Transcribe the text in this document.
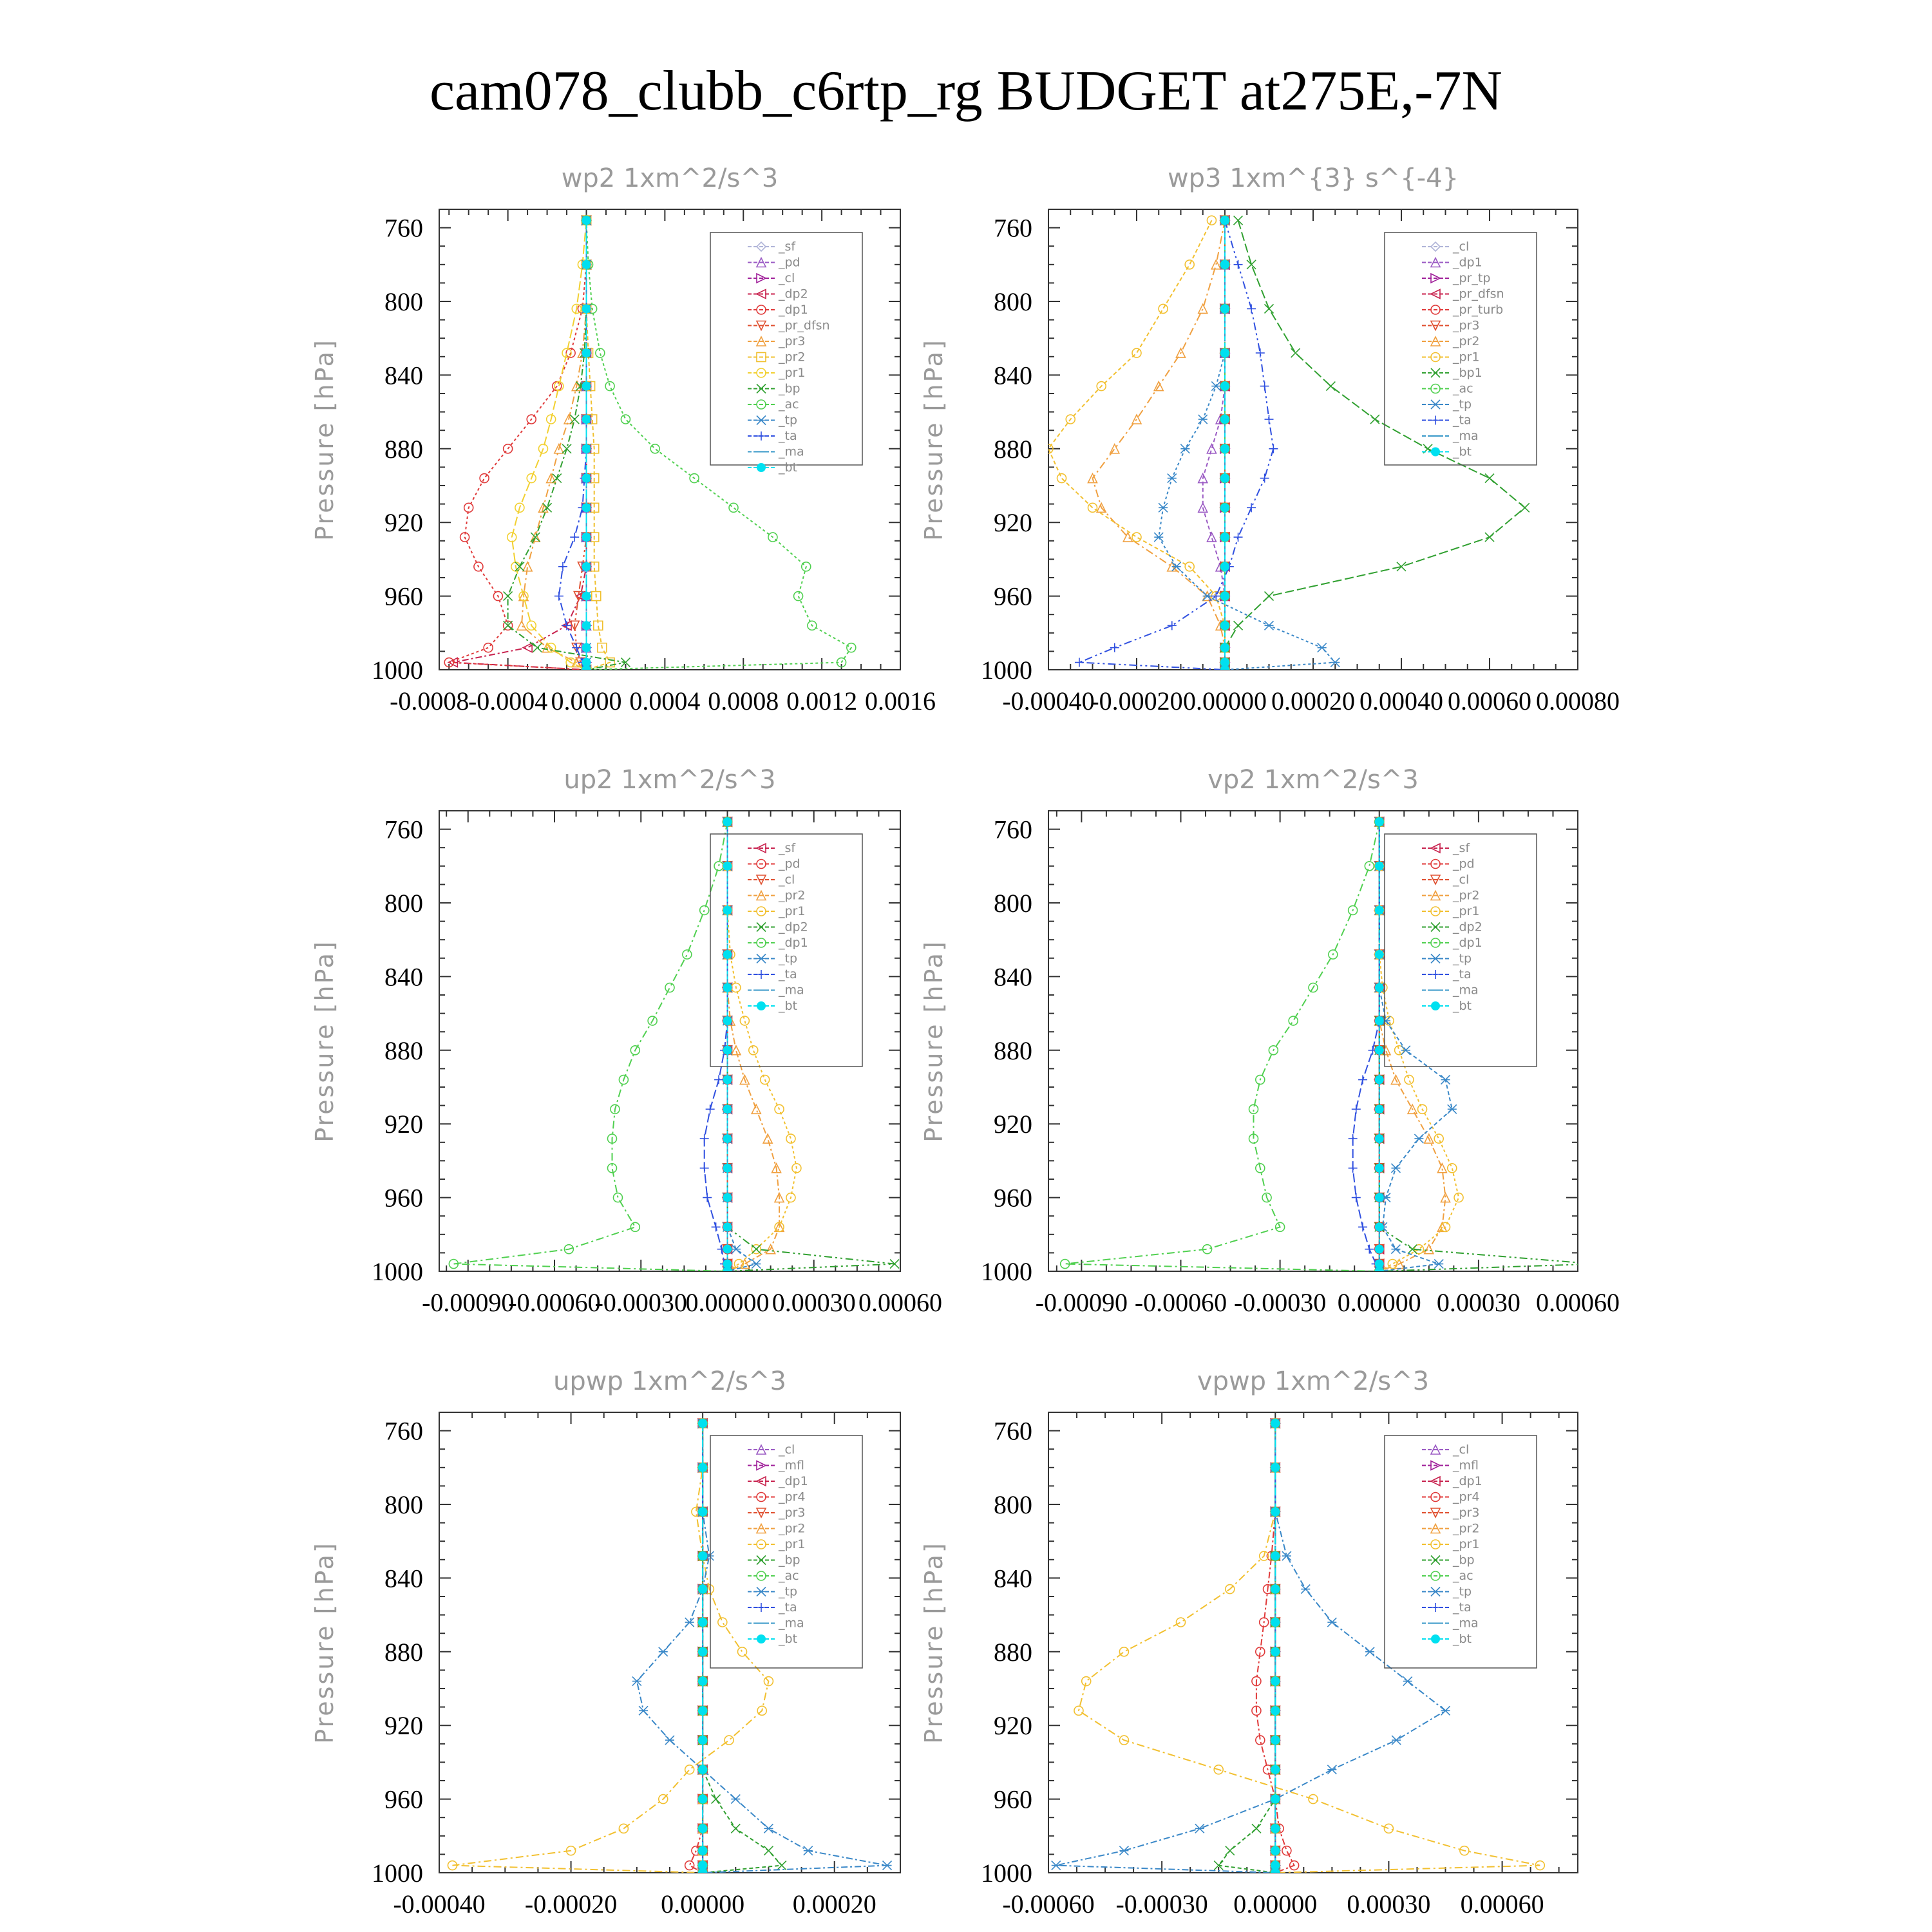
cam078_clubb_c6rtp_rg BUDGET at275E,-7N
wp2 1xm^2/s^3
Pressure [hPa]
760
800
840
880
920
960
1000
-0.0008
-0.0004 0.0000 0.0004 0.0008 0.0012 0.0016
_sf
_pd
_cl
_dp2
_dp1
_pr_dfsn
_pr3
_pr2
_pr1
_bp
_ac
_tp
_ta
_ma
_bt
wp3 1xm^{3} s^{-4}
Pressure [hPa]
760
800
840
880
920
960
1000
-0.00040
-0.00020 0.00000 0.00020 0.00040 0.00060 0.00080
_cl
_dp1
_pr_tp
_pr_dfsn
_pr_turb
_pr3
_pr2
_pr1
_bp1
_ac
_tp
_ta
_ma
_bt
up2 1xm^2/s^3
Pressure [hPa]
760
800
840
880
920
960
1000
-0.00090
-0.00060
-0.00030
0.00000 0.00030 0.00060
_sf
_pd
_cl
_pr2
_pr1
_dp2
_dp1
_tp
_ta
_ma
_bt
vp2 1xm^2/s^3
Pressure [hPa]
760
800
840
880
920
960
1000
-0.00090 -0.00060 -0.00030 0.00000 0.00030 0.00060
_sf
_pd
_cl
_pr2
_pr1
_dp2
_dp1
_tp
_ta
_ma
_bt
upwp 1xm^2/s^3
Pressure [hPa]
760
800
840
880
920
960
1000
-0.00040 -0.00020 0.00000 0.00020
_cl
_mfl
_dp1
_pr4
_pr3
_pr2
_pr1
_bp
_ac
_tp
_ta
_ma
_bt
vpwp 1xm^2/s^3
Pressure [hPa]
760
800
840
880
920
960
1000
-0.00060 -0.00030 0.00000 0.00030 0.00060
_cl
_mfl
_dp1
_pr4
_pr3
_pr2
_pr1
_bp
_ac
_tp
_ta
_ma
_bt
